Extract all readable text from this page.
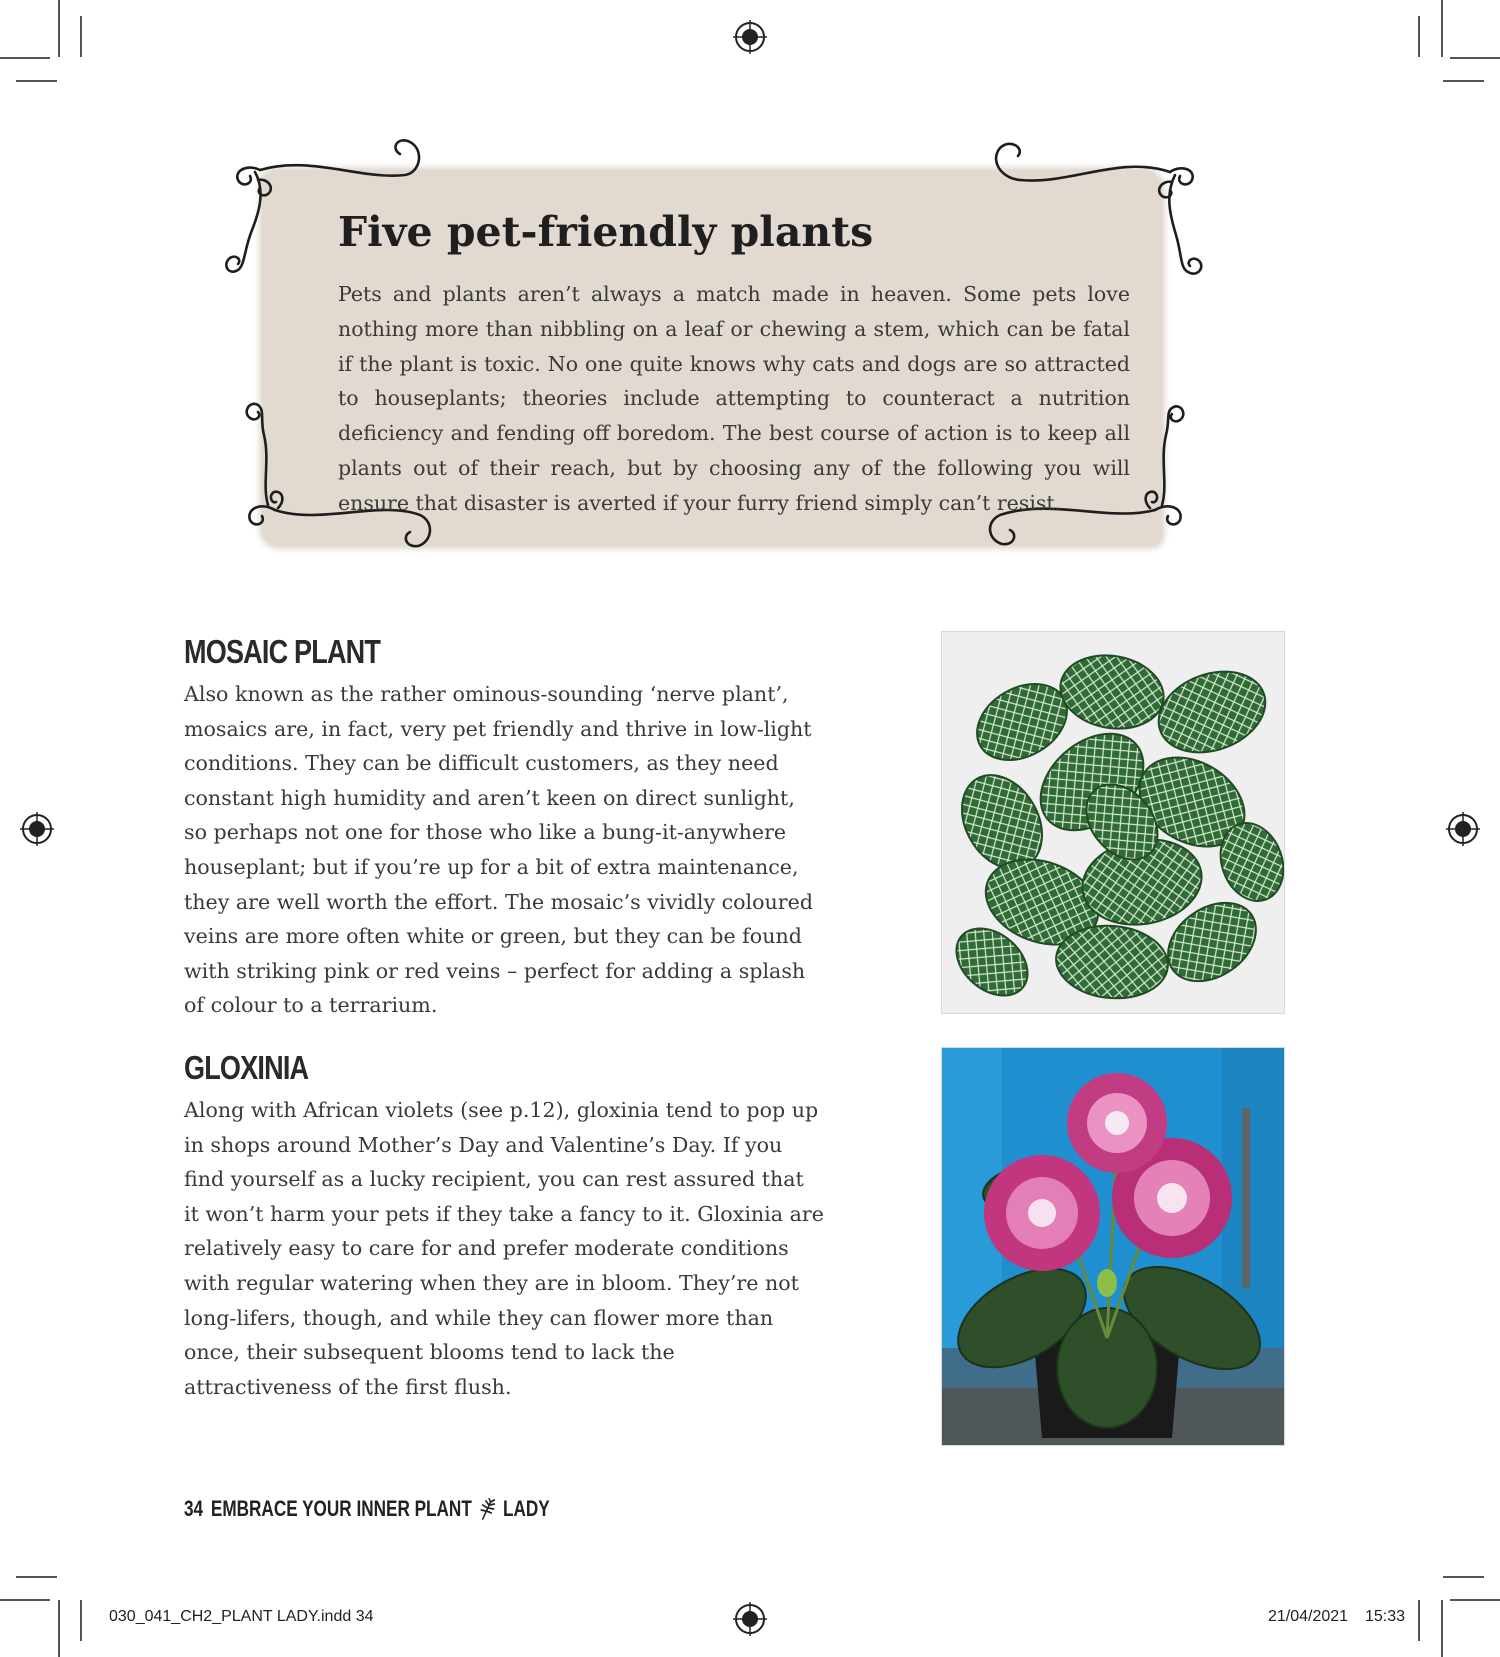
Five pet-friendly plants

Pets and plants aren’t always a match made in heaven. Some pets love nothing more than nibbling on a leaf or chewing a stem, which can be fatal if the plant is toxic. No one quite knows why cats and dogs are so attracted to houseplants; theories include attempting to counteract a nutrition deficiency and fending off boredom. The best course of action is to keep all plants out of their reach, but by choosing any of the following you will ensure that disaster is averted if your furry friend simply can’t resist.

MOSAIC PLANT

Also known as the rather ominous-sounding ‘nerve plant’, mosaics are, in fact, very pet friendly and thrive in low-light conditions. They can be difficult customers, as they need constant high humidity and aren’t keen on direct sunlight, so perhaps not one for those who like a bung-it-anywhere houseplant; but if you’re up for a bit of extra maintenance, they are well worth the effort. The mosaic’s vividly coloured veins are more often white or green, but they can be found with striking pink or red veins – perfect for adding a splash of colour to a terrarium.

GLOXINIA

Along with African violets (see p.12), gloxinia tend to pop up in shops around Mother’s Day and Valentine’s Day. If you find yourself as a lucky recipient, you can rest assured that it won’t harm your pets if they take a fancy to it. Gloxinia are relatively easy to care for and prefer moderate conditions with regular watering when they are in bloom. They’re not long-lifers, though, and while they can flower more than once, their subsequent blooms tend to lack the attractiveness of the first flush.

34 EMBRACE YOUR INNER PLANT LADY
030_041_CH2_PLANT LADY.indd 34	21/04/2021 15:33
